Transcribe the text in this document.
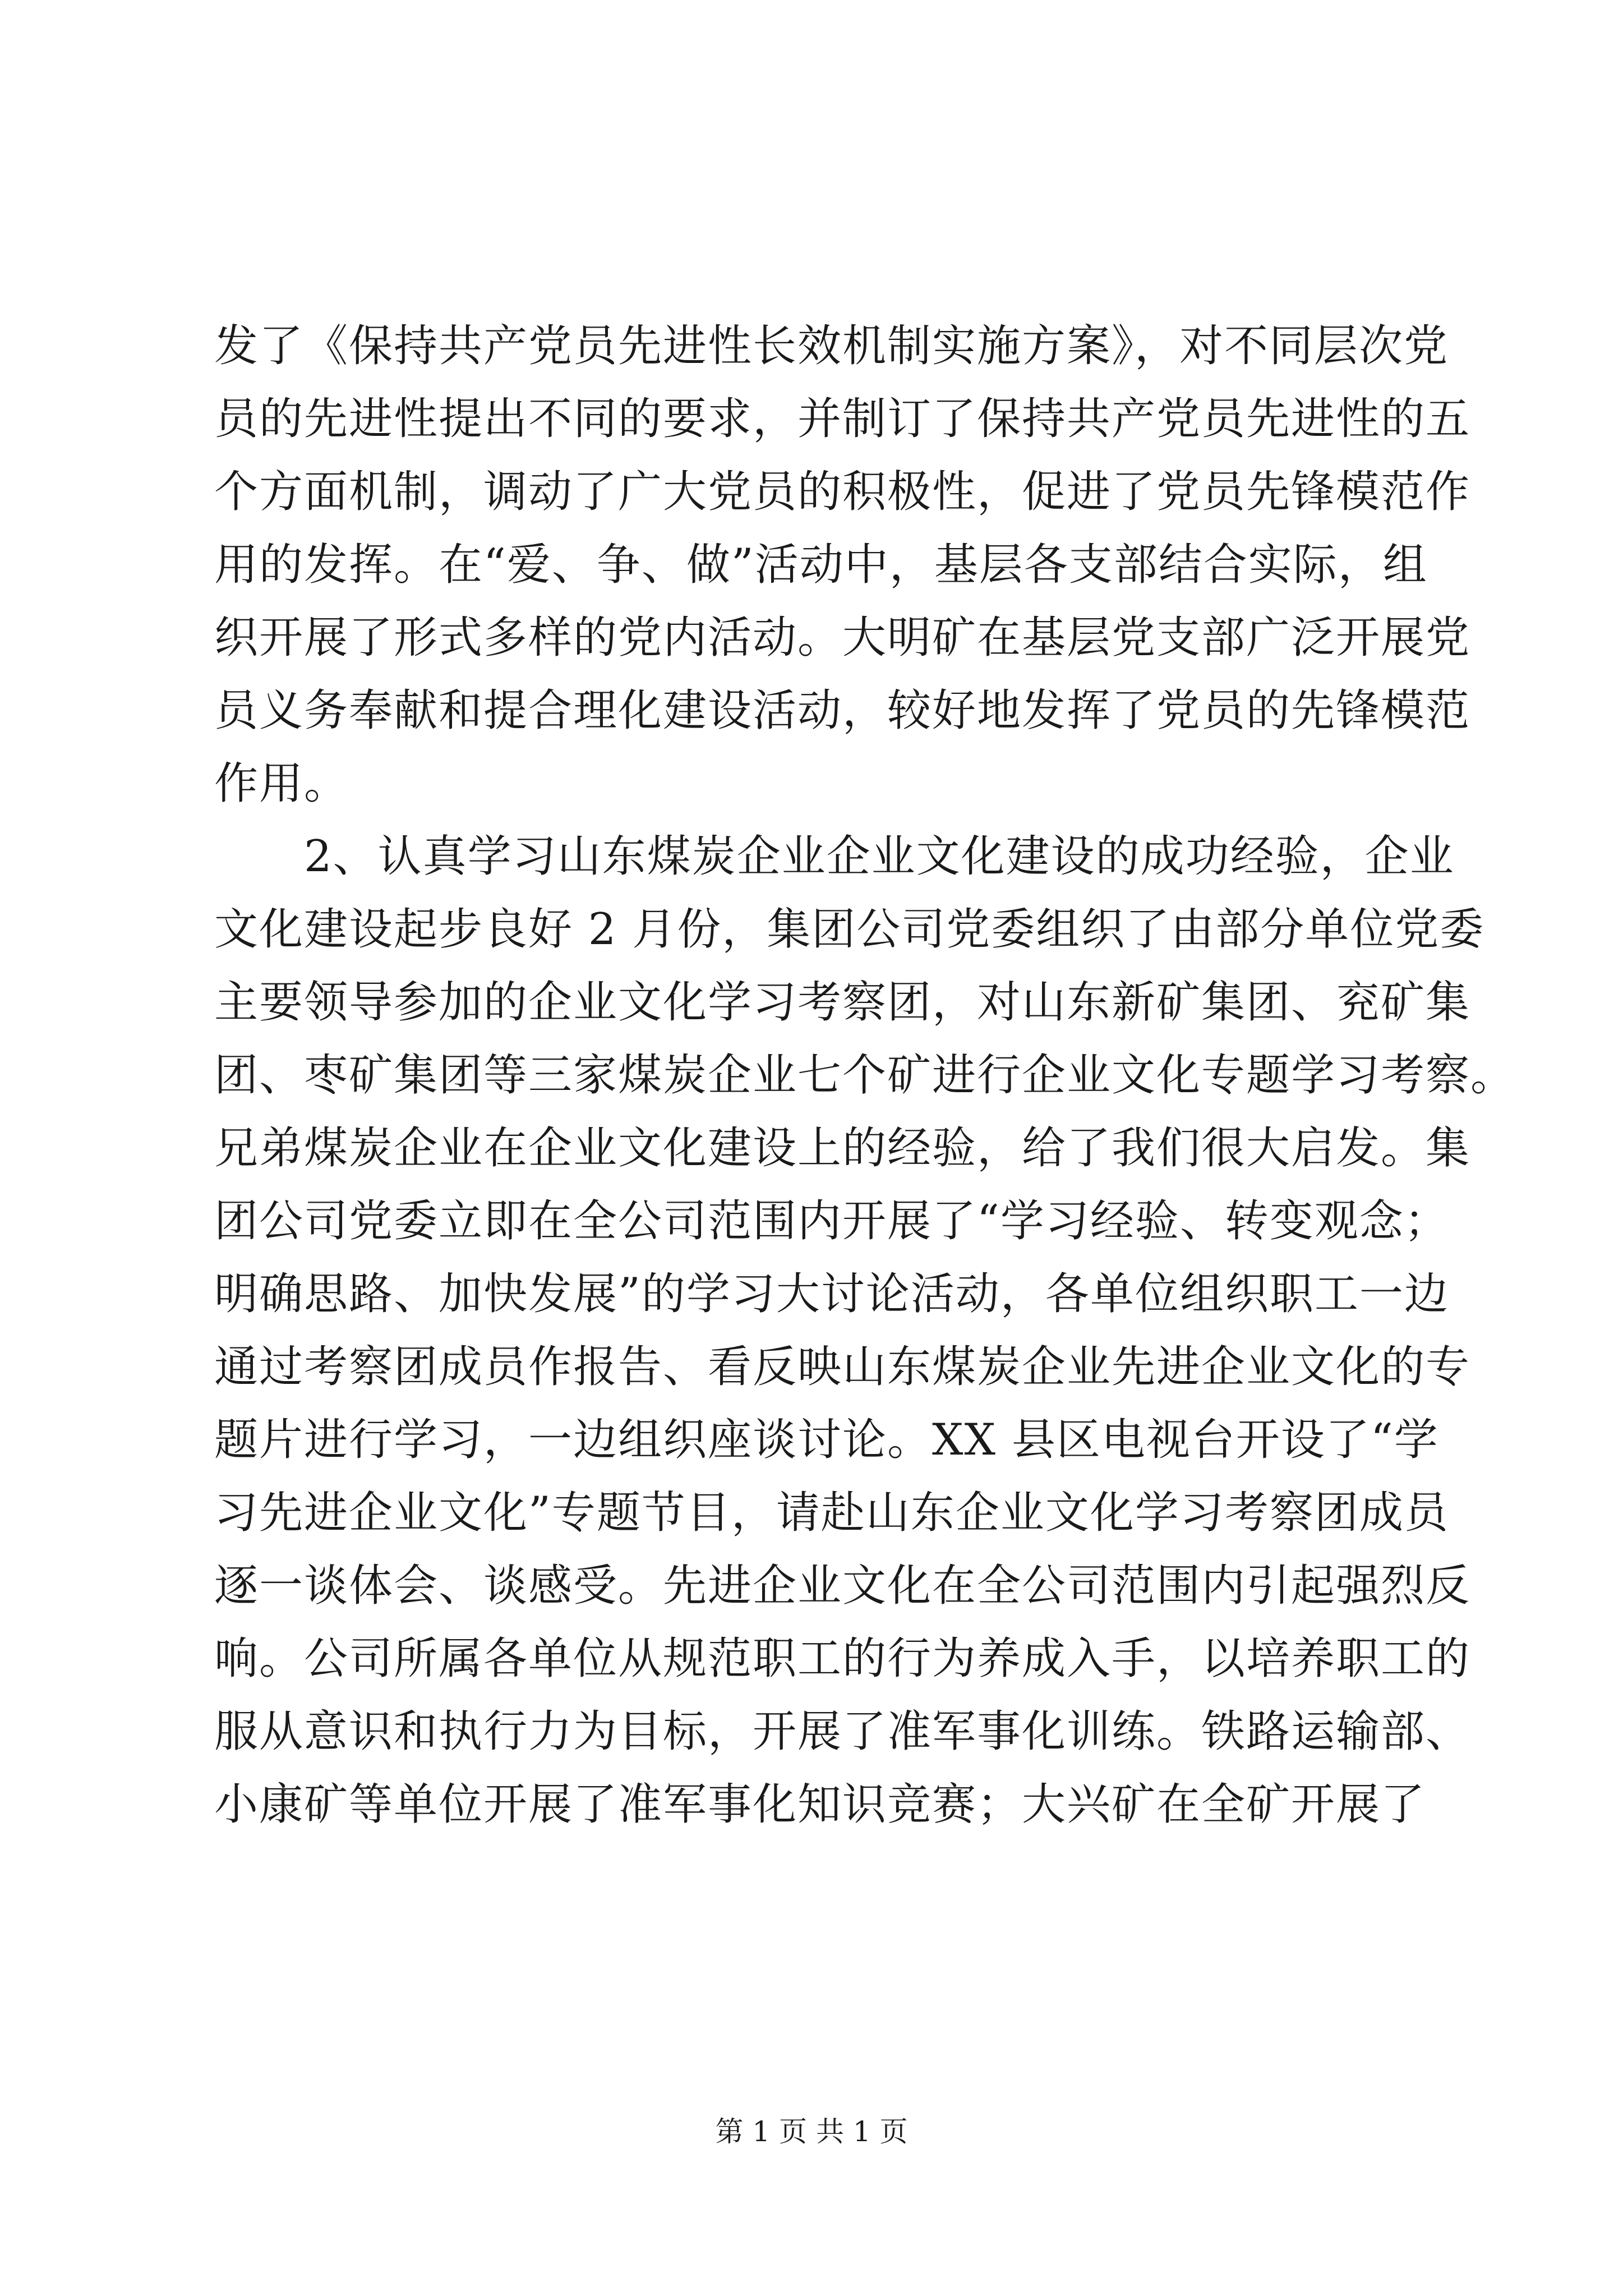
发了《保持共产党员先进性长效机制实施方案》，对不同层次党
员的先进性提出不同的要求，并制订了保持共产党员先进性的五
个方面机制，调动了广大党员的积极性，促进了党员先锋模范作
用的发挥。在“爱、争、做”活动中，基层各支部结合实际，组
织开展了形式多样的党内活动。大明矿在基层党支部广泛开展党
员义务奉献和提合理化建设活动，较好地发挥了党员的先锋模范
作用。
　　2、认真学习山东煤炭企业企业文化建设的成功经验，企业
文化建设起步良好 2 月份，集团公司党委组织了由部分单位党委
主要领导参加的企业文化学习考察团，对山东新矿集团、兖矿集
团、枣矿集团等三家煤炭企业七个矿进行企业文化专题学习考察。
兄弟煤炭企业在企业文化建设上的经验，给了我们很大启发。集
团公司党委立即在全公司范围内开展了“学习经验、转变观念；
明确思路、加快发展”的学习大讨论活动，各单位组织职工一边
通过考察团成员作报告、看反映山东煤炭企业先进企业文化的专
题片进行学习，一边组织座谈讨论。XX 县区电视台开设了“学
习先进企业文化”专题节目，请赴山东企业文化学习考察团成员
逐一谈体会、谈感受。先进企业文化在全公司范围内引起强烈反
响。公司所属各单位从规范职工的行为养成入手，以培养职工的
服从意识和执行力为目标，开展了准军事化训练。铁路运输部、
小康矿等单位开展了准军事化知识竞赛；大兴矿在全矿开展了
第 1 页 共 1 页
